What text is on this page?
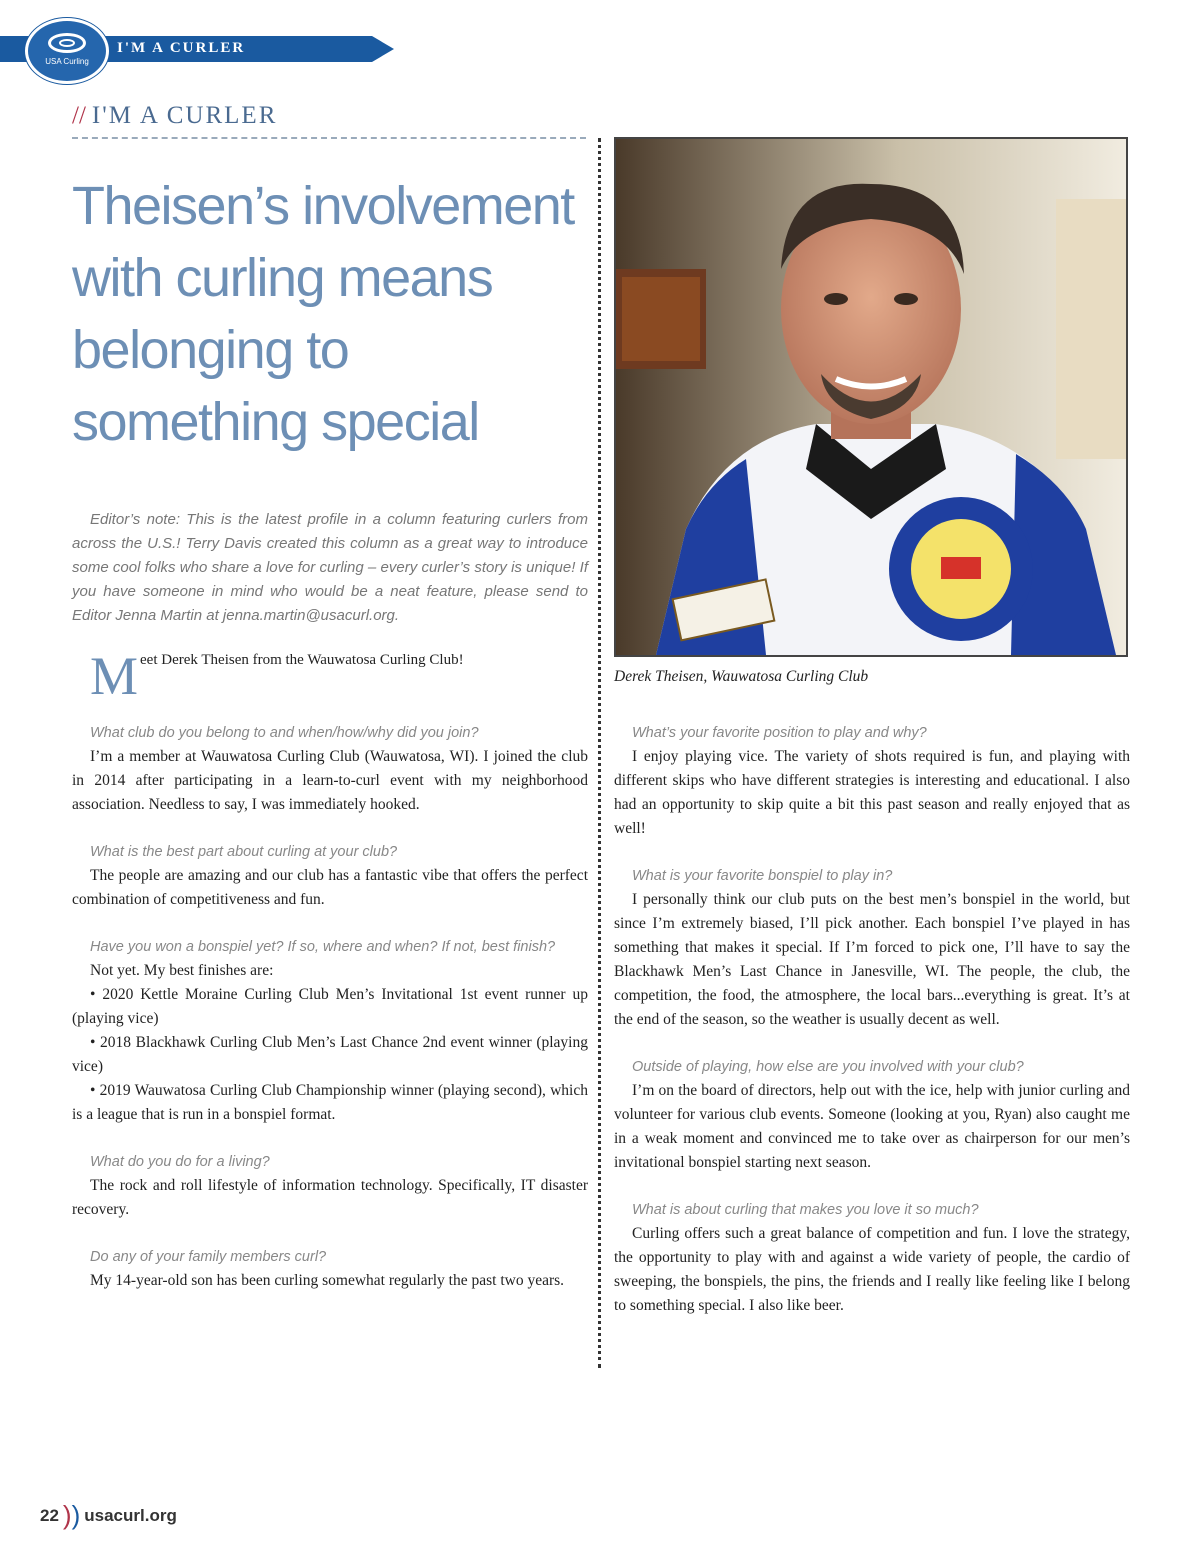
I'M A CURLER
USA Curling
// I'M A CURLER
Theisen’s involvement with curling means belonging to something special

Editor’s note: This is the latest profile in a column featuring curlers from across the U.S.! Terry Davis created this column as a great way to introduce some cool folks who share a love for curling – every curler’s story is unique! If you have someone in mind who would be a neat feature, please send to Editor Jenna Martin at jenna.martin@usacurl.org.

Meet Derek Theisen from the Wauwatosa Curling Club!
Derek Theisen, Wauwatosa Curling Club

What club do you belong to and when/how/why did you join?

I’m a member at Wauwatosa Curling Club (Wauwatosa, WI). I joined the club in 2014 after participating in a learn-to-curl event with my neighborhood association. Needless to say, I was immediately hooked.

What is the best part about curling at your club?

The people are amazing and our club has a fantastic vibe that offers the perfect combination of competitiveness and fun.

Have you won a bonspiel yet? If so, where and when? If not, best finish?

Not yet. My best finishes are:

• 2020 Kettle Moraine Curling Club Men’s Invitational 1st event runner up (playing vice)

• 2018 Blackhawk Curling Club Men’s Last Chance 2nd event winner (playing vice)

• 2019 Wauwatosa Curling Club Championship winner (playing second), which is a league that is run in a bonspiel format.

What do you do for a living?

The rock and roll lifestyle of information technology. Specifically, IT disaster recovery.

Do any of your family members curl?

My 14-year-old son has been curling somewhat regularly the past two years.

What’s your favorite position to play and why?

I enjoy playing vice. The variety of shots required is fun, and playing with different skips who have different strategies is interesting and educational. I also had an opportunity to skip quite a bit this past season and really enjoyed that as well!

What is your favorite bonspiel to play in?

I personally think our club puts on the best men’s bonspiel in the world, but since I’m extremely biased, I’ll pick another. Each bonspiel I’ve played in has something that makes it special. If I’m forced to pick one, I’ll have to say the Blackhawk Men’s Last Chance in Janesville, WI. The people, the club, the competition, the food, the atmosphere, the local bars...everything is great. It’s at the end of the season, so the weather is usually decent as well.

Outside of playing, how else are you involved with your club?

I’m on the board of directors, help out with the ice, help with junior curling and volunteer for various club events. Someone (looking at you, Ryan) also caught me in a weak moment and convinced me to take over as chairperson for our men’s invitational bonspiel starting next season.

What is about curling that makes you love it so much?

Curling offers such a great balance of competition and fun. I love the strategy, the opportunity to play with and against a wide variety of people, the cardio of sweeping, the bonspiels, the pins, the friends and I really like feeling like I belong to something special. I also like beer.

22 )) usacurl.org
